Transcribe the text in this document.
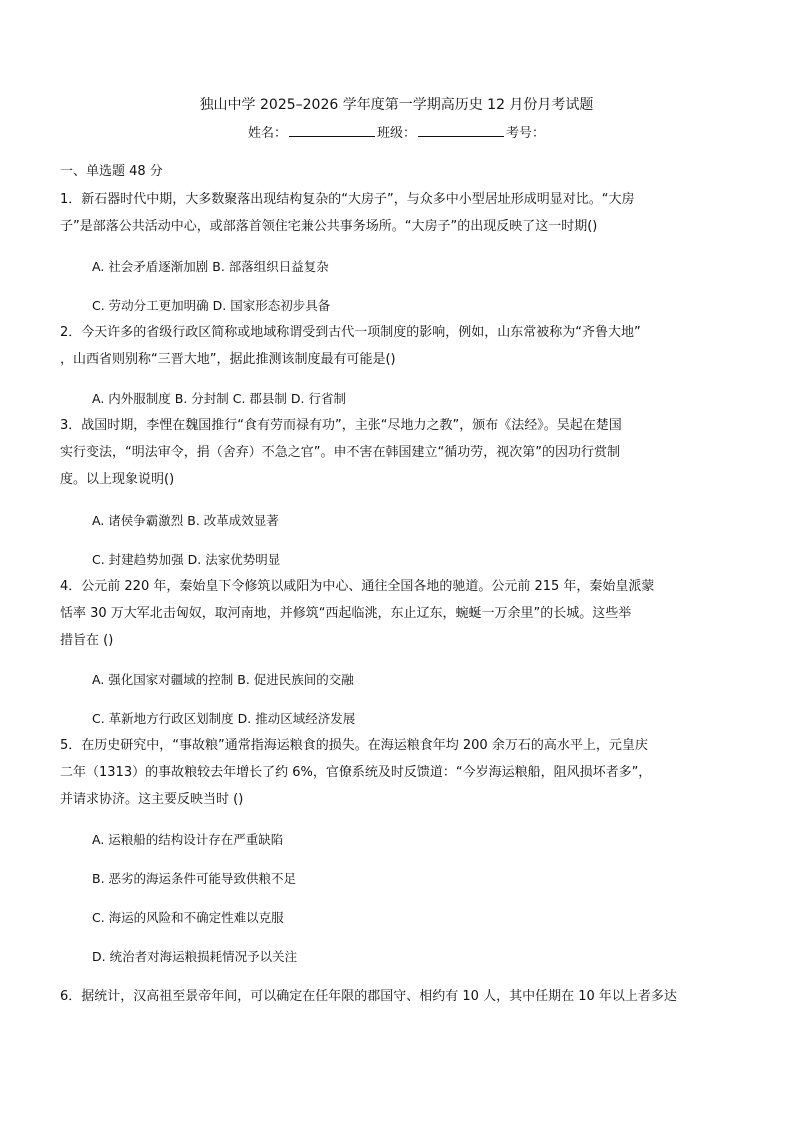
独山中学 2025–2026 学年度第一学期高历史 12 月份月考试题
姓名：	班级：	考号：
一、单选题 48 分
1．新石器时代中期，大多数聚落出现结构复杂的“大房子”，与众多中小型居址形成明显对比。“大房
子”是部落公共活动中心，或部落首领住宅兼公共事务场所。“大房子”的出现反映了这一时期()
A. 社会矛盾逐渐加剧 B. 部落组织日益复杂
C. 劳动分工更加明确 D. 国家形态初步具备
2．今天许多的省级行政区简称或地域称谓受到古代一项制度的影响，例如，山东常被称为“齐鲁大地”
，山西省则别称“三晋大地”，据此推测该制度最有可能是()
A. 内外服制度 B. 分封制 C. 郡县制 D. 行省制
3．战国时期，李悝在魏国推行“食有劳而禄有功”，主张“尽地力之教”，颁布《法经》。吴起在楚国
实行变法，“明法审令，捐（舍弃）不急之官”。申不害在韩国建立“循功劳，视次第”的因功行赏制
度。以上现象说明()
A. 诸侯争霸激烈 B. 改革成效显著
C. 封建趋势加强 D. 法家优势明显
4．公元前 220 年，秦始皇下令修筑以咸阳为中心、通往全国各地的驰道。公元前 215 年，秦始皇派蒙
恬率 30 万大军北击匈奴，取河南地，并修筑“西起临洮，东止辽东，蜿蜒一万余里”的长城。这些举
措旨在 ()
A. 强化国家对疆域的控制 B. 促进民族间的交融
C. 革新地方行政区划制度 D. 推动区域经济发展
5．在历史研究中，“事故粮”通常指海运粮食的损失。在海运粮食年均 200 余万石的高水平上，元皇庆
二年（1313）的事故粮较去年增长了约 6%，官僚系统及时反馈道：“今岁海运粮船，阻风损坏者多”，
并请求协济。这主要反映当时 ()
A. 运粮船的结构设计存在严重缺陷
B. 恶劣的海运条件可能导致供粮不足
C. 海运的风险和不确定性难以克服
D. 统治者对海运粮损耗情况予以关注
6．据统计，汉高祖至景帝年间，可以确定在任年限的郡国守、相约有 10 人，其中任期在 10 年以上者多达
